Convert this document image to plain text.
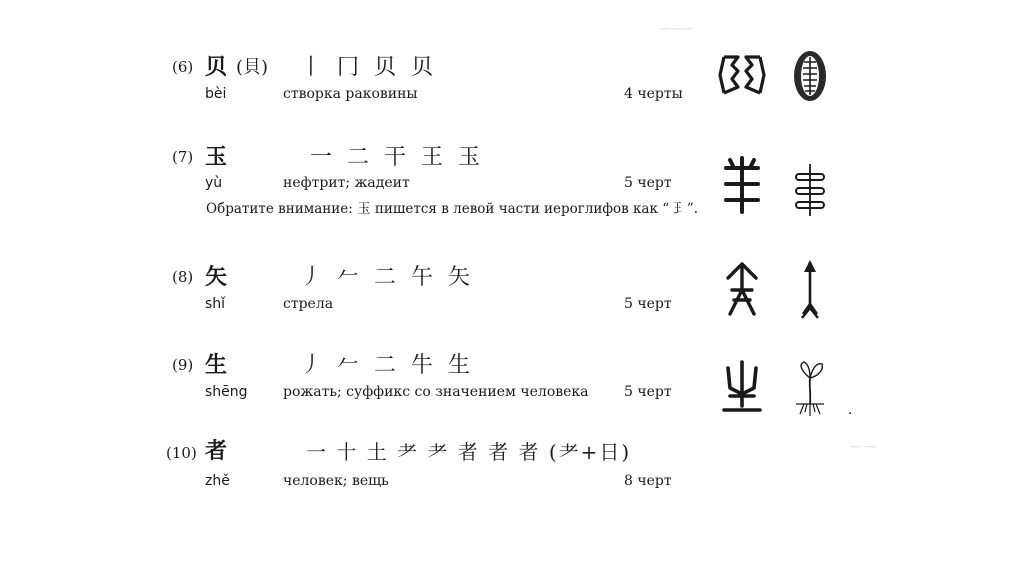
(6) 贝 (貝) 丨 冂 贝 贝
bèi	створка раковины	4 черты
(7) 玉	一 二 干 王 玉
yù	нефтрит; жадеит	5 черт
Обратите внимание: 玉 пишется в левой части иероглифов как “ ⺩”.
(8) 矢	丿 𠂉 二 午 矢
shǐ	стрела	5 черт
(9) 生	丿 𠂉 二 牛 生
shēng	рожать; суффикс со значением человека	5 черт
(10) 者	一 十 土 耂 耂 者 者 者 (耂+日)
zhě	человек; вещь	8 черт
·
———
— —
